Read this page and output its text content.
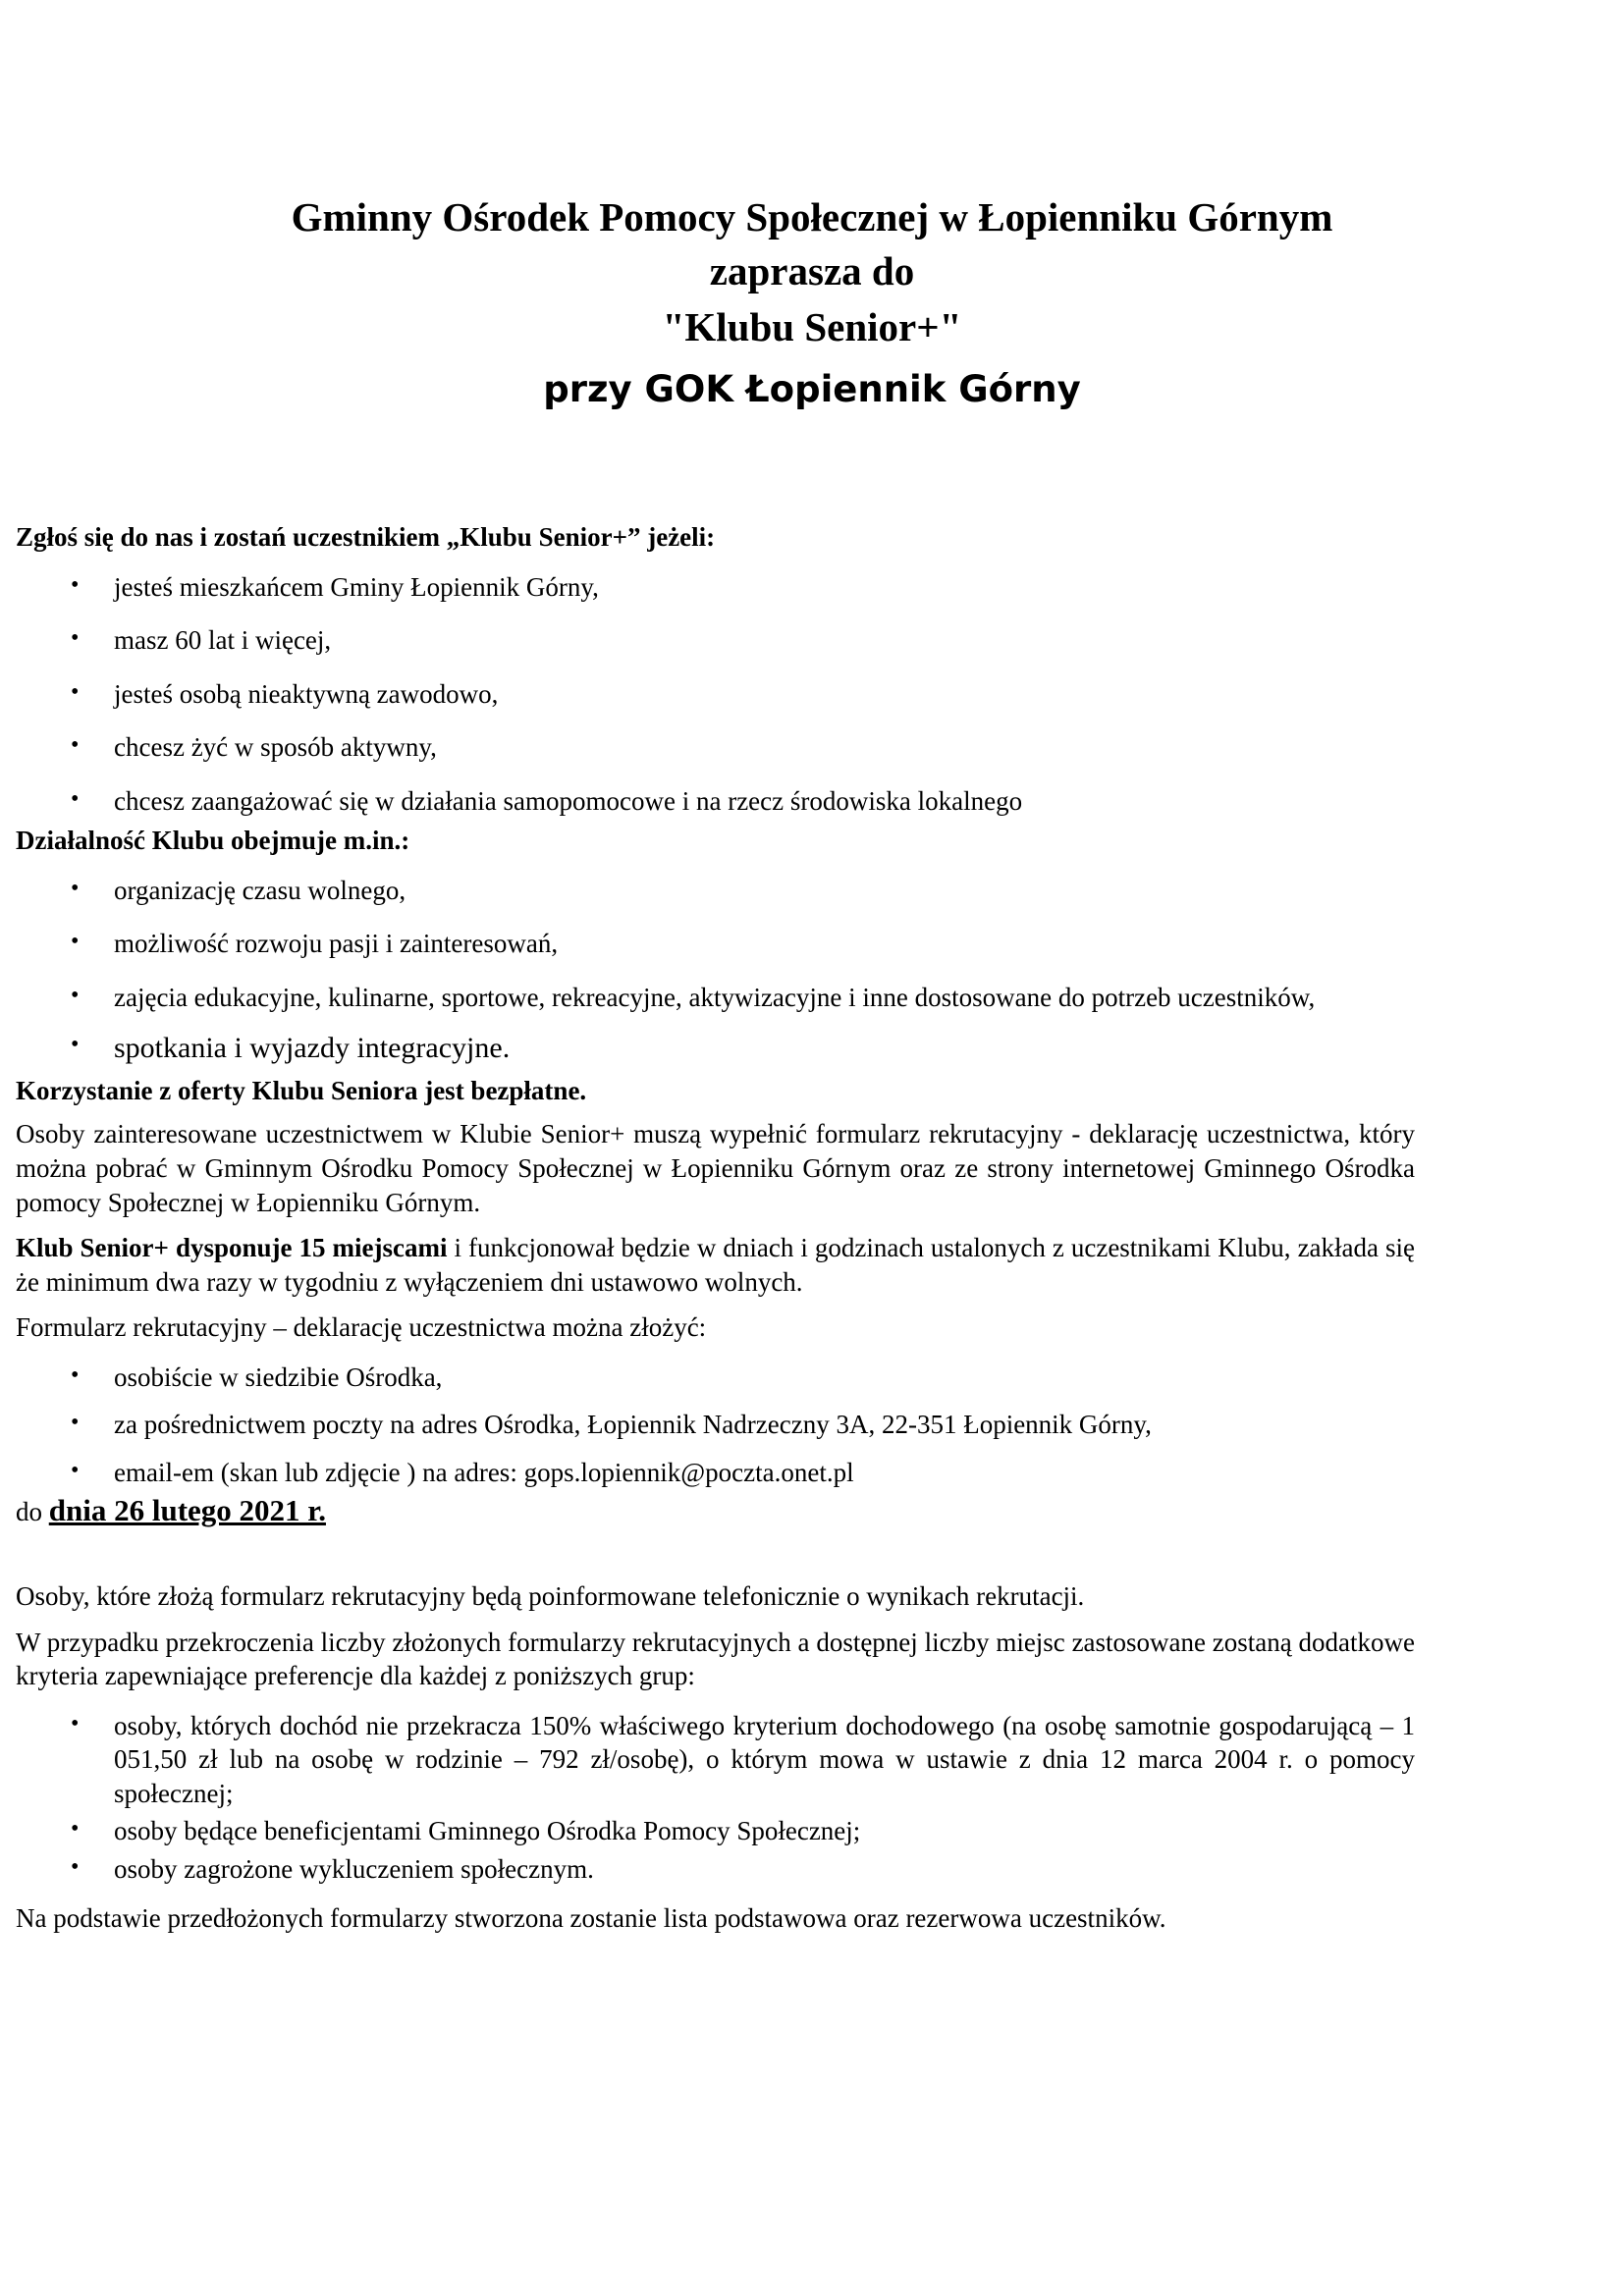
Gminny Ośrodek Pomocy Społecznej w Łopienniku Górnym

zaprasza do

"Klubu Senior+"

przy GOK Łopiennik Górny

Zgłoś się do nas i zostań uczestnikiem „Klubu Senior+” jeżeli:

• jesteś mieszkańcem Gminy Łopiennik Górny,
• masz 60 lat i więcej,
• jesteś osobą nieaktywną zawodowo,
• chcesz żyć w sposób aktywny,
• chcesz zaangażować się w działania samopomocowe i na rzecz środowiska lokalnego

Działalność Klubu obejmuje m.in.:

• organizację czasu wolnego,
• możliwość rozwoju pasji i zainteresowań,
• zajęcia edukacyjne, kulinarne, sportowe, rekreacyjne, aktywizacyjne i inne dostosowane do potrzeb uczestników,
• spotkania i wyjazdy integracyjne.

Korzystanie z oferty Klubu Seniora jest bezpłatne.

Osoby zainteresowane uczestnictwem w Klubie Senior+ muszą wypełnić formularz rekrutacyjny - deklarację uczestnictwa, który można pobrać w Gminnym Ośrodku Pomocy Społecznej w Łopienniku Górnym oraz ze strony internetowej Gminnego Ośrodka pomocy Społecznej w Łopienniku Górnym.

Klub Senior+ dysponuje 15 miejscami i funkcjonował będzie w dniach i godzinach ustalonych z uczestnikami Klubu, zakłada się że minimum dwa razy w tygodniu z wyłączeniem dni ustawowo wolnych.

Formularz rekrutacyjny – deklarację uczestnictwa można złożyć:

• osobiście w siedzibie Ośrodka,
• za pośrednictwem poczty na adres Ośrodka, Łopiennik Nadrzeczny 3A, 22-351 Łopiennik Górny,
• email-em (skan lub zdjęcie ) na adres: gops.lopiennik@poczta.onet.pl

do dnia 26 lutego 2021 r.

Osoby, które złożą formularz rekrutacyjny będą poinformowane telefonicznie o wynikach rekrutacji.

W przypadku przekroczenia liczby złożonych formularzy rekrutacyjnych a dostępnej liczby miejsc zastosowane zostaną dodatkowe kryteria zapewniające preferencje dla każdej z poniższych grup:

• osoby, których dochód nie przekracza 150% właściwego kryterium dochodowego (na osobę samotnie gospodarującą – 1 051,50 zł lub na osobę w rodzinie – 792 zł/osobę), o którym mowa w ustawie z dnia 12 marca 2004 r. o pomocy społecznej;
• osoby będące beneficjentami Gminnego Ośrodka Pomocy Społecznej;
• osoby zagrożone wykluczeniem społecznym.

Na podstawie przedłożonych formularzy stworzona zostanie lista podstawowa oraz rezerwowa uczestników.
